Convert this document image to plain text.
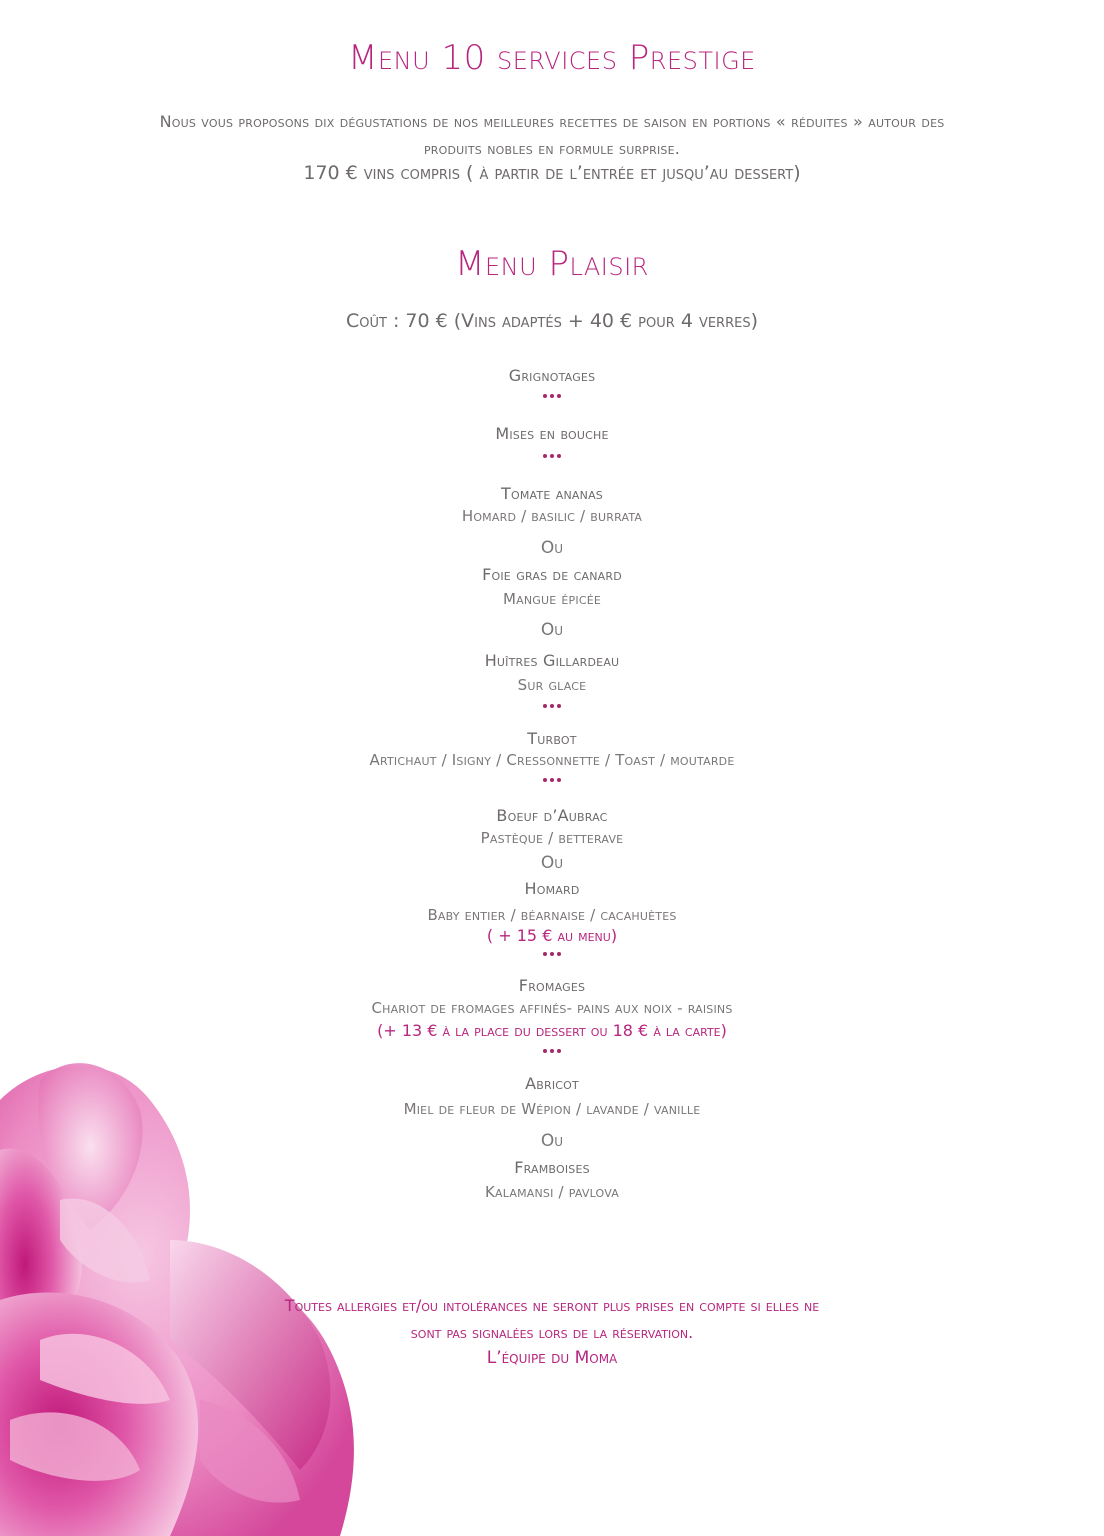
Menu 10 services Prestige
Nous vous proposons dix dégustations de nos meilleures recettes de saison en portions « réduites » autour des
produits nobles en formule surprise.
170 € vins compris ( à partir de l’entrée et jusqu’au dessert)
Menu Plaisir
Coût : 70 € (Vins adaptés + 40 € pour 4 verres)
Grignotages
Mises en bouche
Tomate ananas
Homard / basilic / burrata
Ou
Foie gras de canard
Mangue épicée
Ou
Huîtres Gillardeau
Sur glace
Turbot
Artichaut / Isigny / Cressonnette / Toast / moutarde
Boeuf d’Aubrac
Pastèque / betterave
Ou
Homard
Baby entier / béarnaise / cacahuètes
( + 15 € au menu)
Fromages
Chariot de fromages affinés- pains aux noix - raisins
(+ 13 € à la place du dessert ou 18 € à la carte)
Abricot
Miel de fleur de Wépion / lavande / vanille
Ou
Framboises
Kalamansi / pavlova
Toutes allergies et/ou intolérances ne seront plus prises en compte si elles ne
sont pas signalées lors de la réservation.
L’équipe du Moma
